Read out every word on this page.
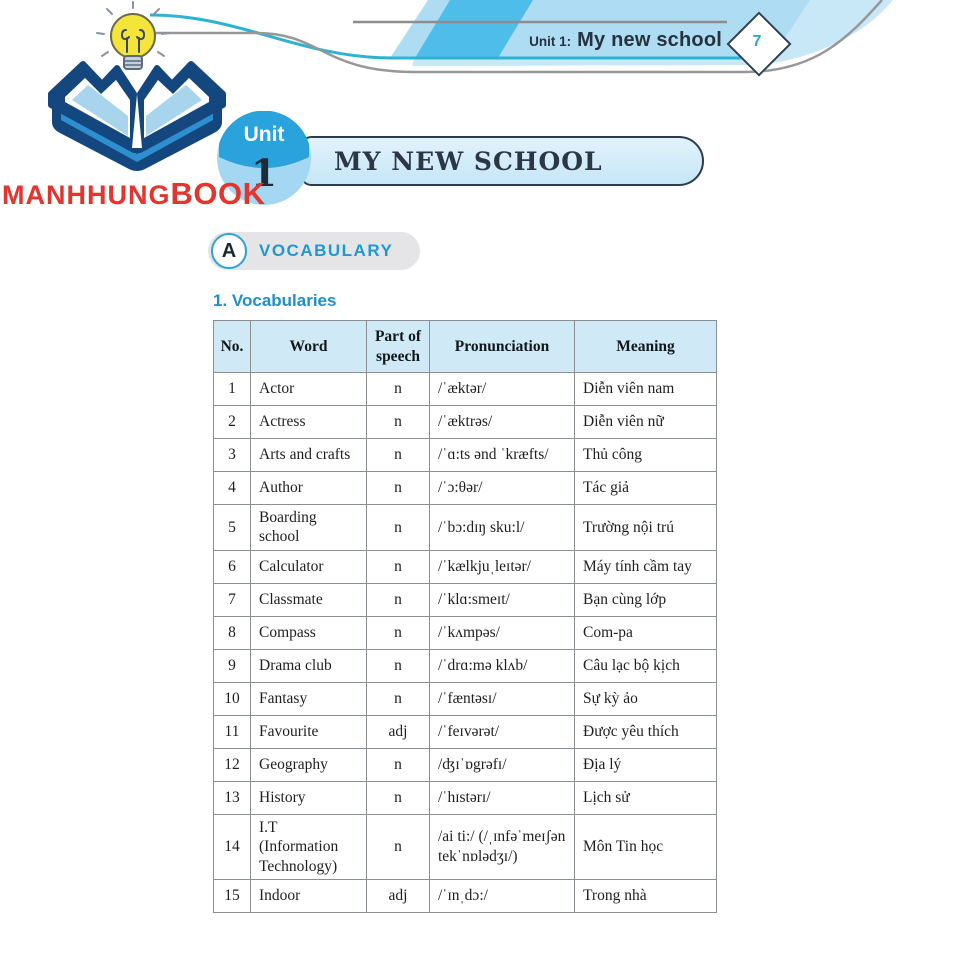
Unit 1: My new school	7
MANHHUNGBOOK
Unit
1	MY NEW SCHOOL
A	VOCABULARY
1. Vocabularies
No.	Word	Part of speech	Pronunciation	Meaning
1	Actor	n	/ˈæktər/	Diễn viên nam
2	Actress	n	/ˈæktrəs/	Diễn viên nữ
3	Arts and crafts	n	/ˈɑ:ts ənd ˈkræfts/	Thủ công
4	Author	n	/ˈɔ:θər/	Tác giả
5	Boarding school	n	/ˈbɔ:dɪŋ sku:l/	Trường nội trú
6	Calculator	n	/ˈkælkjuˌleɪtər/	Máy tính cầm tay
7	Classmate	n	/ˈklɑ:smeɪt/	Bạn cùng lớp
8	Compass	n	/ˈkʌmpəs/	Com-pa
9	Drama club	n	/ˈdrɑ:mə klʌb/	Câu lạc bộ kịch
10	Fantasy	n	/ˈfæntəsɪ/	Sự kỳ ảo
11	Favourite	adj	/ˈfeɪvərət/	Được yêu thích
12	Geography	n	/ʤɪˈɒgrəfɪ/	Địa lý
13	History	n	/ˈhɪstərɪ/	Lịch sử
14	I.T (Information Technology)	n	/ai ti:/ (/ˌɪnfəˈmeɪʃən tekˈnɒlədʒɪ/)	Môn Tin học
15	Indoor	adj	/ˈɪnˌdɔ:/	Trong nhà
